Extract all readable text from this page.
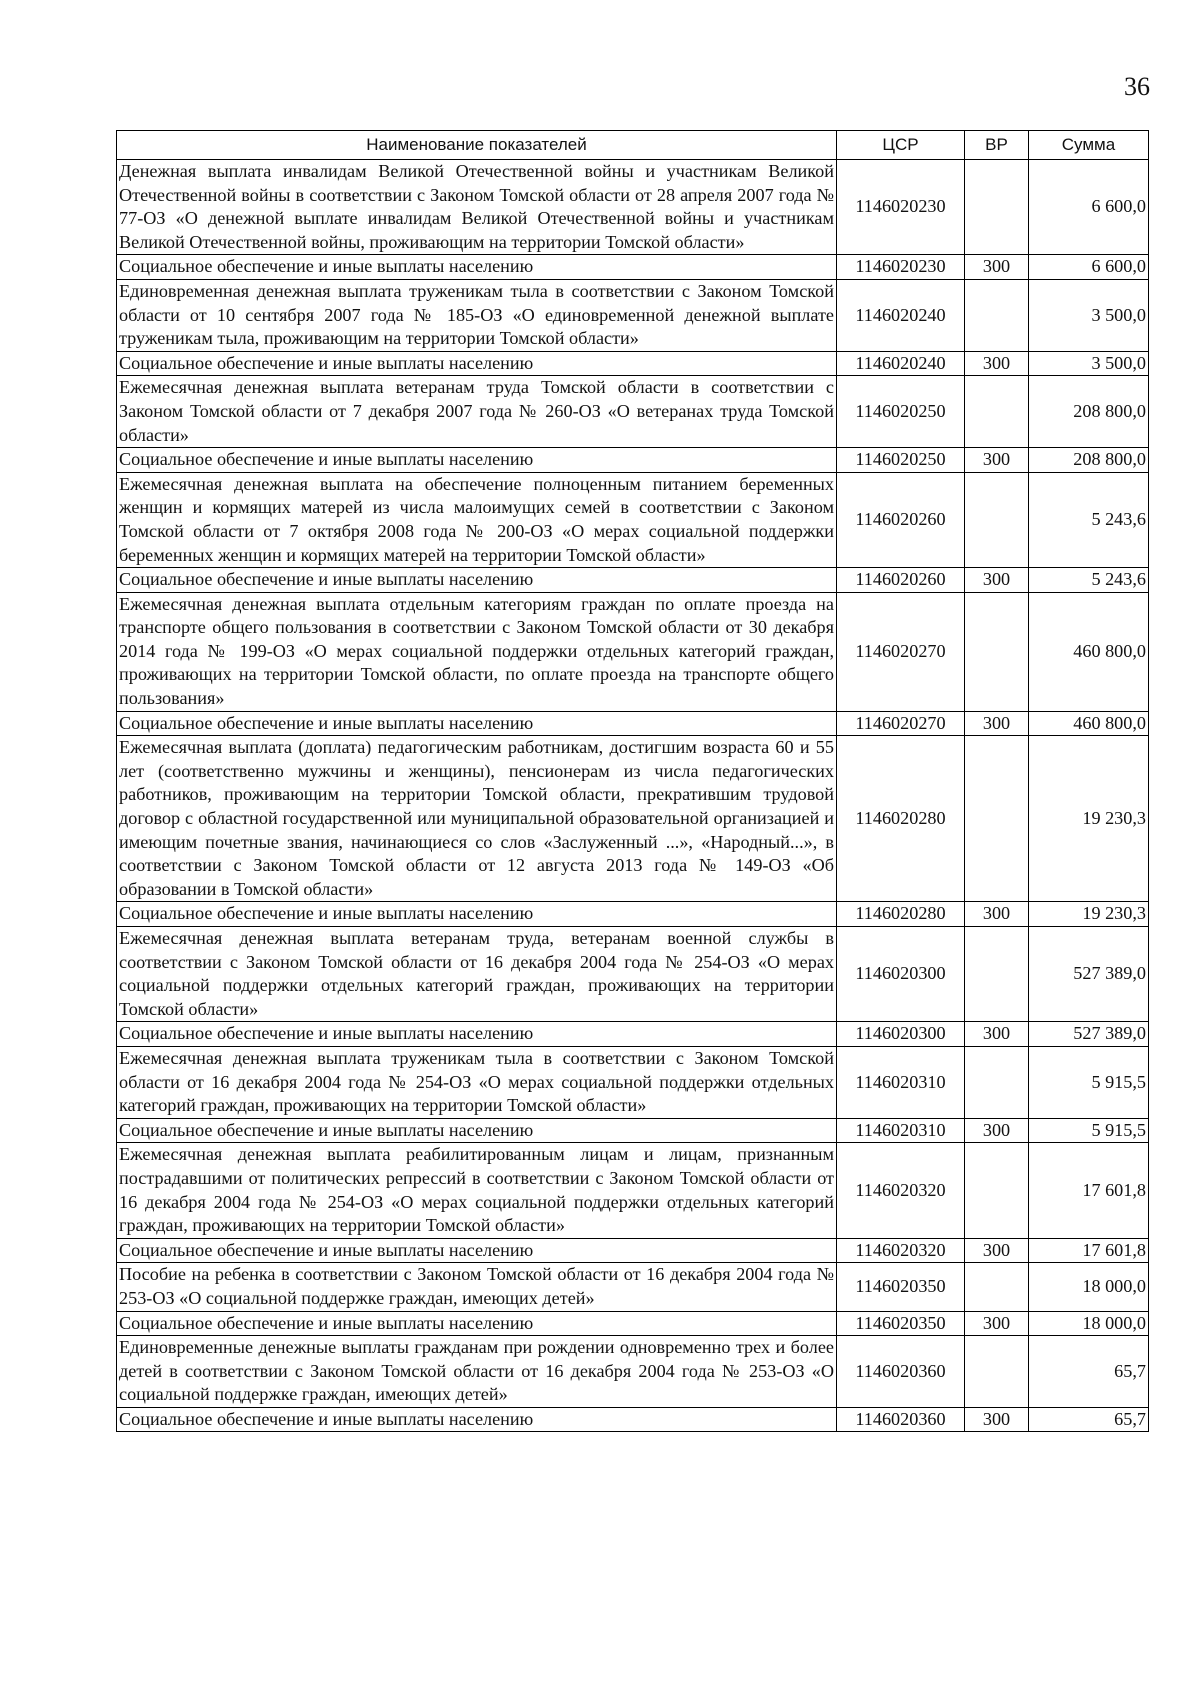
36
Наименование показателей	ЦСР	ВР	Сумма
Денежная выплата инвалидам Великой Отечественной войны и участникам Великой Отечественной войны в соответствии с Законом Томской области от 28 апреля 2007 года № 77-ОЗ «О денежной выплате инвалидам Великой Отечественной войны и участникам Великой Отечественной войны, проживающим на территории Томской области»	1146020230		6 600,0
Социальное обеспечение и иные выплаты населению	1146020230	300	6 600,0
Единовременная денежная выплата труженикам тыла в соответствии с Законом Томской области от 10 сентября 2007 года № 185-ОЗ «О единовременной денежной выплате труженикам тыла, проживающим на территории Томской области»	1146020240		3 500,0
Социальное обеспечение и иные выплаты населению	1146020240	300	3 500,0
Ежемесячная денежная выплата ветеранам труда Томской области в соответствии с Законом Томской области от 7 декабря 2007 года № 260-ОЗ «О ветеранах труда Томской области»	1146020250		208 800,0
Социальное обеспечение и иные выплаты населению	1146020250	300	208 800,0
Ежемесячная денежная выплата на обеспечение полноценным питанием беременных женщин и кормящих матерей из числа малоимущих семей в соответствии с Законом Томской области от 7 октября 2008 года № 200-ОЗ «О мерах социальной поддержки беременных женщин и кормящих матерей на территории Томской области»	1146020260		5 243,6
Социальное обеспечение и иные выплаты населению	1146020260	300	5 243,6
Ежемесячная денежная выплата отдельным категориям граждан по оплате проезда на транспорте общего пользования в соответствии с Законом Томской области от 30 декабря 2014 года № 199-ОЗ «О мерах социальной поддержки отдельных категорий граждан, проживающих на территории Томской области, по оплате проезда на транспорте общего пользования»	1146020270		460 800,0
Социальное обеспечение и иные выплаты населению	1146020270	300	460 800,0
Ежемесячная выплата (доплата) педагогическим работникам, достигшим возраста 60 и 55 лет (соответственно мужчины и женщины), пенсионерам из числа педагогических работников, проживающим на территории Томской области, прекратившим трудовой договор с областной государственной или муниципальной образовательной организацией и имеющим почетные звания, начинающиеся со слов «Заслуженный ...», «Народный...», в соответствии с Законом Томской области от 12 августа 2013 года № 149-ОЗ «Об образовании в Томской области»	1146020280		19 230,3
Социальное обеспечение и иные выплаты населению	1146020280	300	19 230,3
Ежемесячная денежная выплата ветеранам труда, ветеранам военной службы в соответствии с Законом Томской области от 16 декабря 2004 года № 254-ОЗ «О мерах социальной поддержки отдельных категорий граждан, проживающих на территории Томской области»	1146020300		527 389,0
Социальное обеспечение и иные выплаты населению	1146020300	300	527 389,0
Ежемесячная денежная выплата труженикам тыла в соответствии с Законом Томской области от 16 декабря 2004 года № 254-ОЗ «О мерах социальной поддержки отдельных категорий граждан, проживающих на территории Томской области»	1146020310		5 915,5
Социальное обеспечение и иные выплаты населению	1146020310	300	5 915,5
Ежемесячная денежная выплата реабилитированным лицам и лицам, признанным пострадавшими от политических репрессий в соответствии с Законом Томской области от 16 декабря 2004 года № 254-ОЗ «О мерах социальной поддержки отдельных категорий граждан, проживающих на территории Томской области»	1146020320		17 601,8
Социальное обеспечение и иные выплаты населению	1146020320	300	17 601,8
Пособие на ребенка в соответствии с Законом Томской области от 16 декабря 2004 года № 253-ОЗ «О социальной поддержке граждан, имеющих детей»	1146020350		18 000,0
Социальное обеспечение и иные выплаты населению	1146020350	300	18 000,0
Единовременные денежные выплаты гражданам при рождении одновременно трех и более детей в соответствии с Законом Томской области от 16 декабря 2004 года № 253-ОЗ «О социальной поддержке граждан, имеющих детей»	1146020360		65,7
Социальное обеспечение и иные выплаты населению	1146020360	300	65,7
